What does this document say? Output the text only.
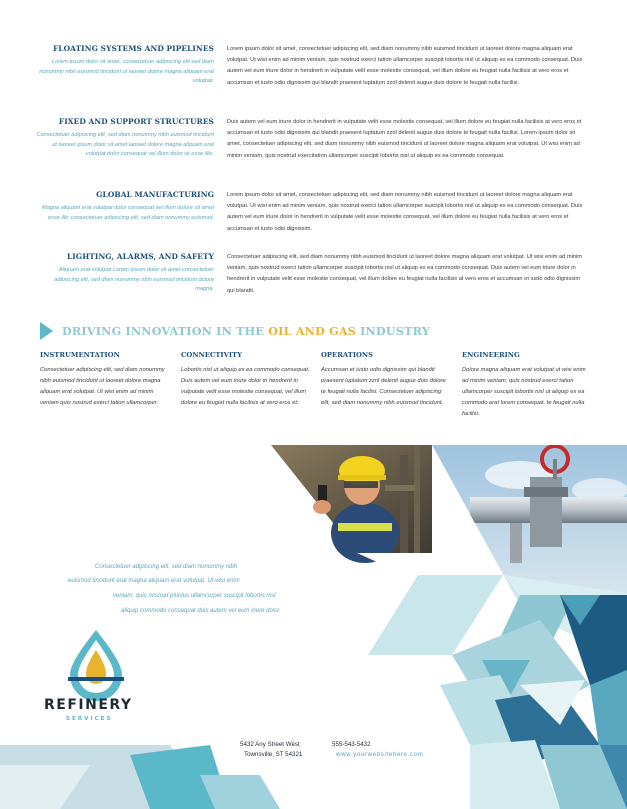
FLOATING SYSTEMS AND PIPELINES
Lorem ipsum dolor sit amet, consectetuer adipiscing elit sed diam nonummy nibh euismod tincidunt ut laoreet dolore magna aliquam erat volutpat.
Lorem ipsum dolor sit amet, consectetuer adipiscing elit, sed diam nonummy nibh euismod tincidunt ut laoreet dolore magna aliquam erat volutpat. Ut wisi enim ad minim veniam, quis nostrud exerci tation ullamcorper suscipit lobortis nisl ut aliquip ex ea commodo consequat. Duis autem vel eum iriure dolor in hendrerit in vulputate velit esse molestie consequat, vel illum dolore eu feugiat nulla facilisis at vero eros et accumsan et iusto odio dignissim qui blandit praesent luptatum zzril delenit augue duis dolore te feugait nulla facilisi.
FIXED AND SUPPORT STRUCTURES
Consectetuer adipiscing elit, sed diam nonummy nibh euismod tincidunt ut laoreet ipsum dolor sit amet laoreet dolore magna aliquam erat volutpat dolor consequat vel illum dolor sit esse illic.
Duis autem vel eum iriure dolor in hendrerit in vulputate velit esse molestie consequat, vel illum dolore eu feugiat nulla facilisis at vero eros et accumsan et iusto odio dignissim qui blandit praesent luptatum zzril delenit augue duis dolore te feugait nulla facilisi. Lorem ipsum dolor sit amet, consectetuer adipiscing elit, sed diam nonummy nibh euismod tincidunt ut laoreet dolore magna aliquam erat volutpat. Ut wisi enim ad minim veniam, quis nostrud exercitation ullamcorper suscipit lobortis nisl ut aliquip ex ea commodo consequat.
GLOBAL MANUFACTURING
Magna aliquam erat volutpat dolor consequat vel illum dolore sit amet esse illic consectetuer adipiscing elit, sed diam nonummy euismod.
Lorem ipsum dolor sit amet, consectetuer adipiscing elit, sed diam nonummy nibh euismod tincidunt ut laoreet dolore magna aliquam erat volutpat. Ut wisi enim ad minim veniam, quis nostrud exerci tation ullamcorper suscipit lobortis nisl ut aliquip ex ea commodo consequat. Duis autem vel eum iriure dolor in hendrerit in vulputate velit esse molestie consequat, vel illum dolore eu feugiat nulla facilisis at vero eros et accumsan et iusto odio dignissim.
LIGHTING, ALARMS, AND SAFETY
Aliquam erat volutpat Lorem ipsum dolor sit amet consectetuer adipiscing elit, sed diam nonummy nibh euismod tincidunt dolore magna.
Consectetuer adipiscing elit, sed diam nonummy nibh euismod tincidunt ut laoreet dolore magna aliquam erat volutpat. Ut wisi enim ad minim veniam, quis nostrud exerci tation ullamcorper suscipit lobortis nisl ut aliquip ex ea commodo consequat. Duis autem vel eum iriure dolor in hendrerit in vulputate velit esse molestie consequat, vel illum dolore eu feugiat nulla facilisis at vero eros et accumsan et iusto odio dignissim qui blandit.
DRIVING INNOVATION IN THE OIL AND GAS INDUSTRY
INSTRUMENTATION
Consectetuer adipiscing elit, sed diam nonummy nibh euismod tincidunt ut laoreet dolore magna aliquam erat volutpat. Ut wisi enim ad minim veniam quis nostrud exerci tation ullamcorper.
CONNECTIVITY
Lobortis nisl ut aliquip ex ea commodo consequat. Duis autem vel eum iriure dolor in hendrerit in vulputate velit esse molestie consequat, vel illum dolore eu feugiat nulla facilisis at vero eros et.
OPERATIONS
Accumsan et iusto odio dignissim qui blandit praesent luptatum zzril delenit augue duis dolore te feugait nulla facilisi. Consectetuer adipiscing elit, sed diam nonummy nibh euismod tincidunt.
ENGINEERING
Dolore magna aliquam erat volutpat ut wisi enim ad minim veniam, quis nostrud exerci tation ullamcorper suscipit lobortis nisl ut aliquip ex ea commodo erat lorem consequat. te feugait nulla facilisi.
Consectetuer adipiscing elit, sed diam nonummy nibh
euismod tincidunt erat magna aliquam erat volutpat. Ut wisi enim
veniam, quis nostrud pluriius ullamcorper suscipit lobortis nisl
aliquip commodo consequat duis autem vel eum iriure dolor.
REFINERY
SERVICES
5432 Any Street West
Townsville, ST 54321
555-543-5432
www.yourwebsitehere.com
